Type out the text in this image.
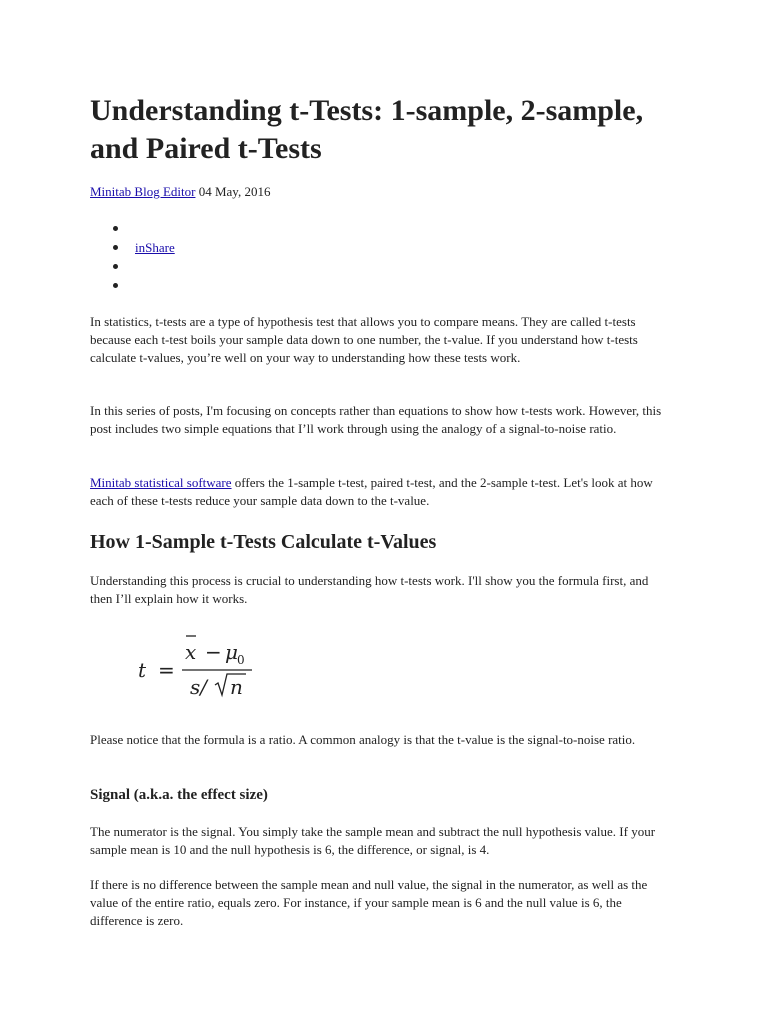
Understanding t-Tests: 1-sample, 2-sample, and Paired t-Tests
Minitab Blog Editor 04 May, 2016
inShare

In statistics, t-tests are a type of hypothesis test that allows you to compare means. They are called t-tests because each t-test boils your sample data down to one number, the t-value. If you understand how t-tests calculate t-values, you’re well on your way to understanding how these tests work.

In this series of posts, I'm focusing on concepts rather than equations to show how t-tests work. However, this post includes two simple equations that I’ll work through using the analogy of a signal-to-noise ratio.

Minitab statistical software offers the 1-sample t-test, paired t-test, and the 2-sample t-test. Let's look at how each of these t-tests reduce your sample data down to the t-value.

How 1-Sample t-Tests Calculate t-Values

Understanding this process is crucial to understanding how t-tests work. I'll show you the formula first, and then I’ll explain how it works.

t =
x − μ 0
s/ n

Please notice that the formula is a ratio. A common analogy is that the t-value is the signal-to-noise ratio.

Signal (a.k.a. the effect size)

The numerator is the signal. You simply take the sample mean and subtract the null hypothesis value. If your sample mean is 10 and the null hypothesis is 6, the difference, or signal, is 4.

If there is no difference between the sample mean and null value, the signal in the numerator, as well as the value of the entire ratio, equals zero. For instance, if your sample mean is 6 and the null value is 6, the difference is zero.
